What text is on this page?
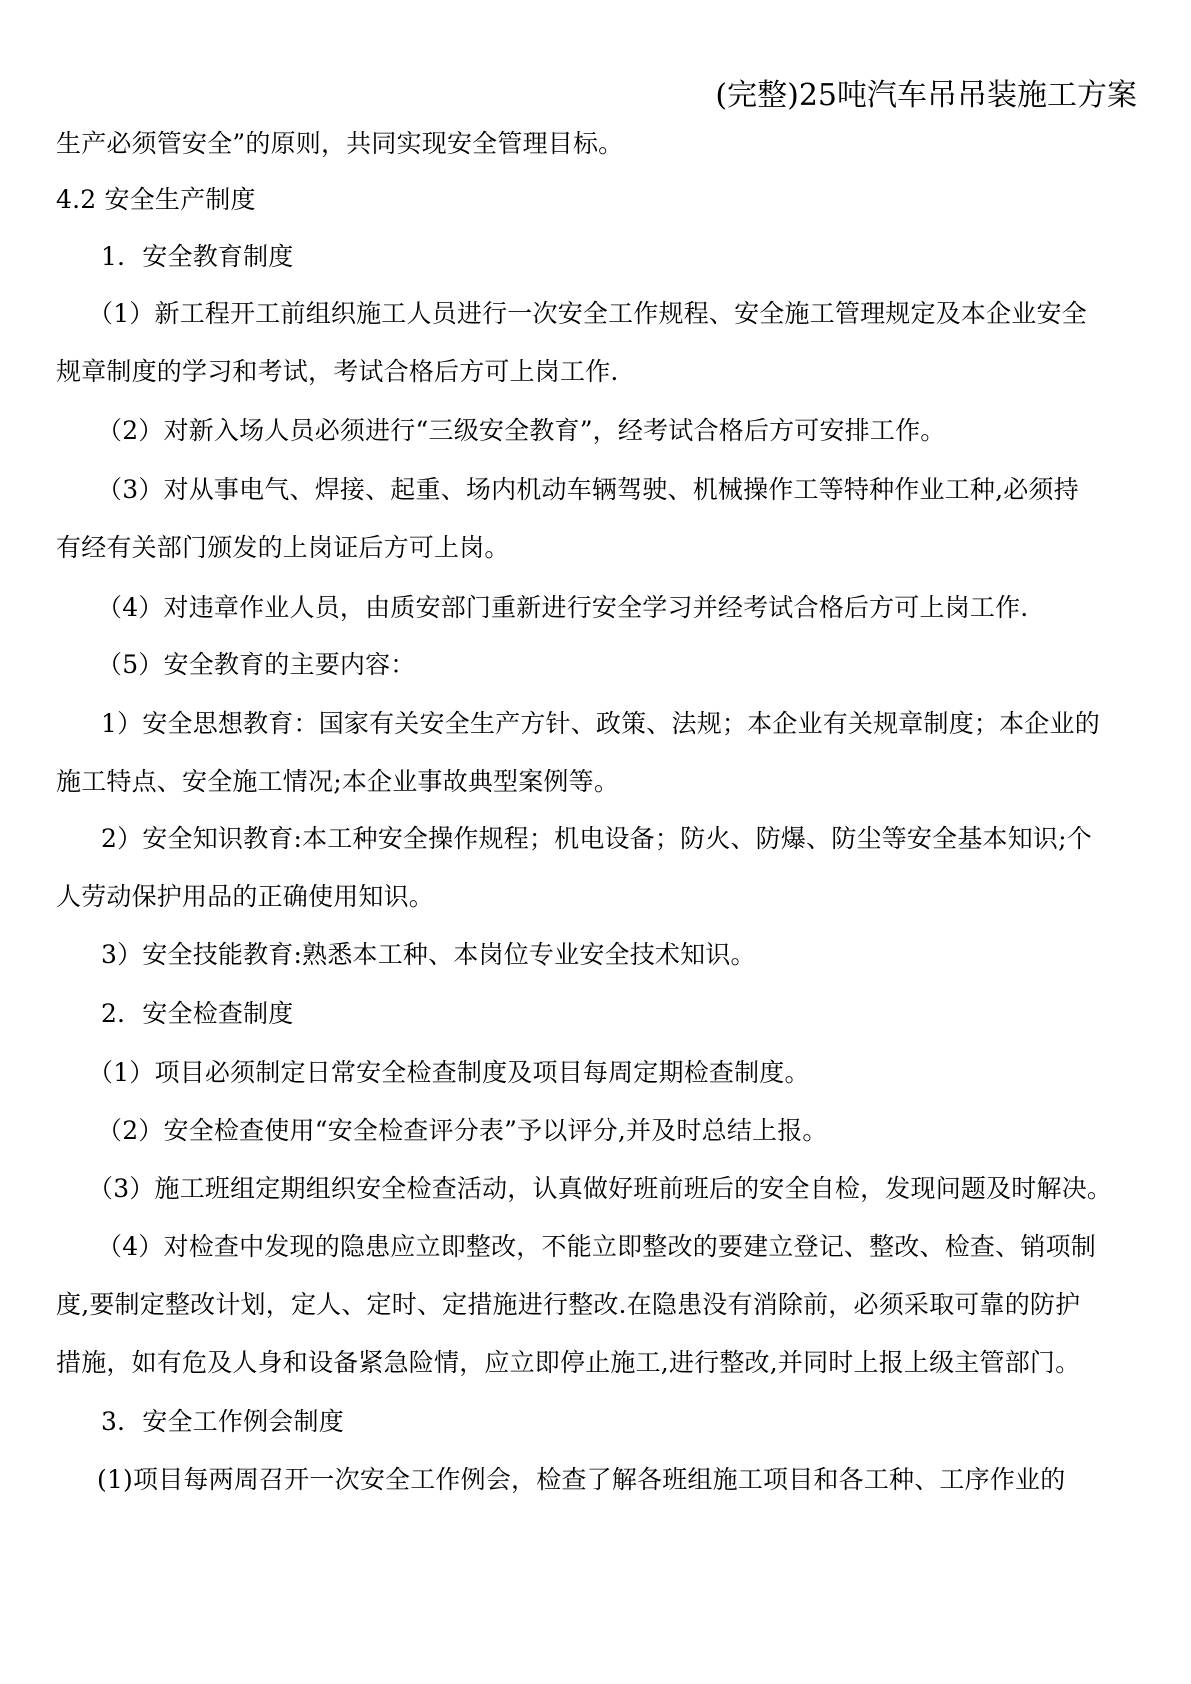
(完整)25吨汽车吊吊装施工方案
生产必须管安全”的原则，共同实现安全管理目标。
4.2 安全生产制度
1．安全教育制度
（1）新工程开工前组织施工人员进行一次安全工作规程、安全施工管理规定及本企业安全
规章制度的学习和考试，考试合格后方可上岗工作.
（2）对新入场人员必须进行“三级安全教育”，经考试合格后方可安排工作。
（3）对从事电气、焊接、起重、场内机动车辆驾驶、机械操作工等特种作业工种,必须持
有经有关部门颁发的上岗证后方可上岗。
（4）对违章作业人员，由质安部门重新进行安全学习并经考试合格后方可上岗工作.
（5）安全教育的主要内容：
1）安全思想教育：国家有关安全生产方针、政策、法规；本企业有关规章制度；本企业的
施工特点、安全施工情况;本企业事故典型案例等。
2）安全知识教育:本工种安全操作规程；机电设备；防火、防爆、防尘等安全基本知识;个
人劳动保护用品的正确使用知识。
3）安全技能教育:熟悉本工种、本岗位专业安全技术知识。
2．安全检查制度
（1）项目必须制定日常安全检查制度及项目每周定期检查制度。
（2）安全检查使用“安全检查评分表”予以评分,并及时总结上报。
（3）施工班组定期组织安全检查活动，认真做好班前班后的安全自检，发现问题及时解决。
（4）对检查中发现的隐患应立即整改，不能立即整改的要建立登记、整改、检查、销项制
度,要制定整改计划，定人、定时、定措施进行整改.在隐患没有消除前，必须采取可靠的防护
措施，如有危及人身和设备紧急险情，应立即停止施工,进行整改,并同时上报上级主管部门。
3．安全工作例会制度
(1)项目每两周召开一次安全工作例会，检查了解各班组施工项目和各工种、工序作业的
